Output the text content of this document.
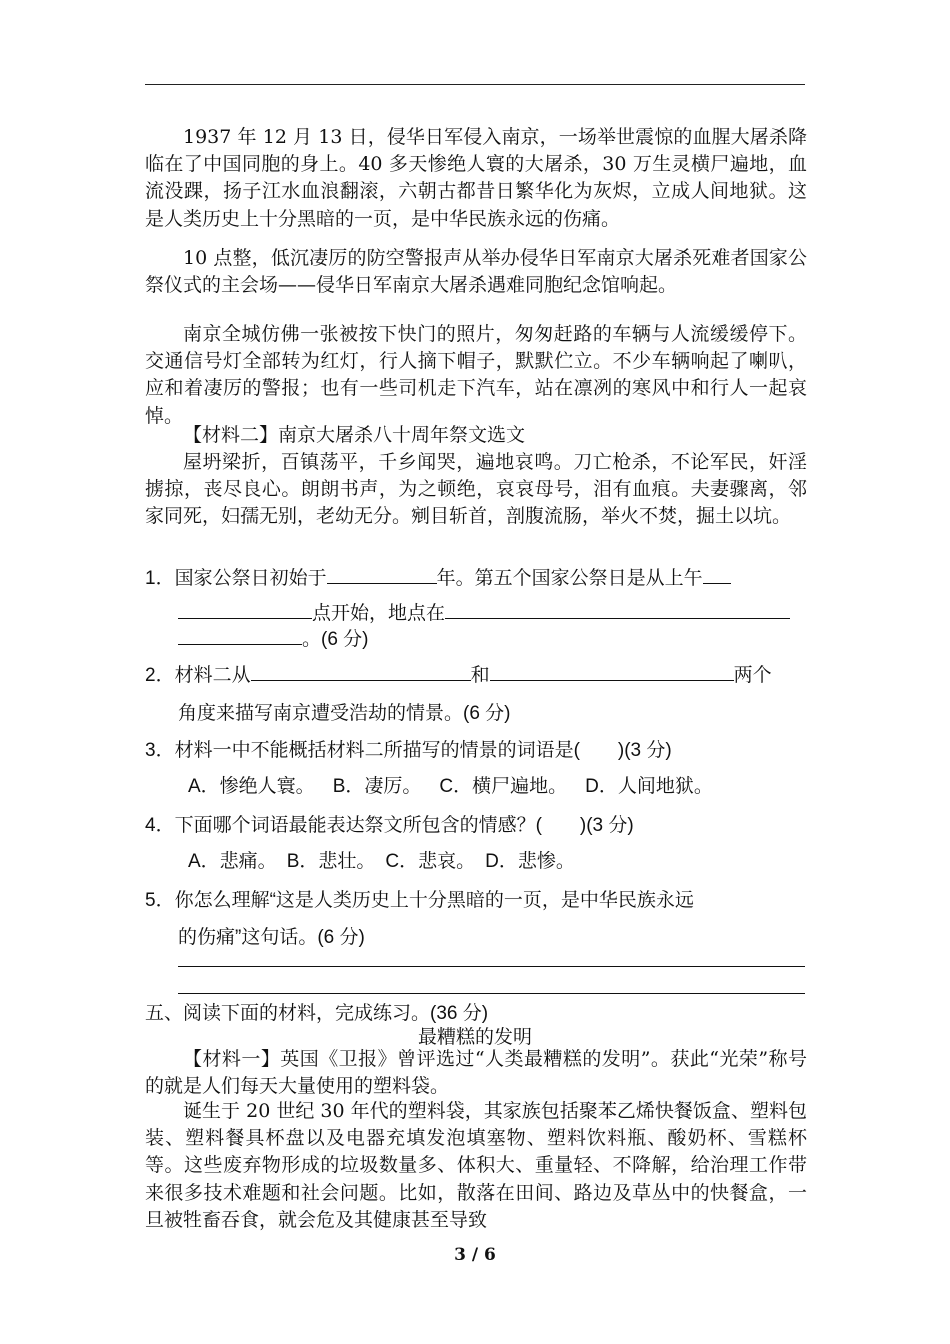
1937 年 12 月 13 日，侵华日军侵入南京，一场举世震惊的血腥大屠杀降临在了中国同胞的身上。40 多天惨绝人寰的大屠杀，30 万生灵横尸遍地，血流没踝，扬子江水血浪翻滚，六朝古都昔日繁华化为灰烬，立成人间地狱。这是人类历史上十分黑暗的一页，是中华民族永远的伤痛。
10 点整，低沉凄厉的防空警报声从举办侵华日军南京大屠杀死难者国家公祭仪式的主会场——侵华日军南京大屠杀遇难同胞纪念馆响起。
南京全城仿佛一张被按下快门的照片，匆匆赶路的车辆与人流缓缓停下。交通信号灯全部转为红灯，行人摘下帽子，默默伫立。不少车辆响起了喇叭，应和着凄厉的警报；也有一些司机走下汽车，站在凛冽的寒风中和行人一起哀悼。
【材料二】南京大屠杀八十周年祭文选文
屋坍梁折，百镇荡平，千乡闻哭，遍地哀鸣。刀亡枪杀，不论军民，奸淫掳掠，丧尽良心。朗朗书声，为之顿绝，哀哀母号，泪有血痕。夫妻骤离，邻家同死，妇孺无别，老幼无分。剜目斩首，剖腹流肠，举火不焚，掘土以坑。
1．国家公祭日初始于	年。第五个国家公祭日是从上午
点开始，地点在
。(6 分)
2．材料二从	和	两个
角度来描写南京遭受浩劫的情景。(6 分)
3．材料一中不能概括材料二所描写的情景的词语是(　　)(3 分)
A．惨绝人寰。 B．凄厉。 C．横尸遍地。 D．人间地狱。
4．下面哪个词语最能表达祭文所包含的情感？(　　)(3 分)
A．悲痛。 B．悲壮。 C．悲哀。 D．悲惨。
5．你怎么理解“这是人类历史上十分黑暗的一页，是中华民族永远
的伤痛”这句话。(6 分)
五、阅读下面的材料，完成练习。(36 分)
最糟糕的发明
【材料一】英国《卫报》曾评选过“人类最糟糕的发明”。获此“光荣”称号的就是人们每天大量使用的塑料袋。
诞生于 20 世纪 30 年代的塑料袋，其家族包括聚苯乙烯快餐饭盒、塑料包装、塑料餐具杯盘以及电器充填发泡填塞物、塑料饮料瓶、酸奶杯、雪糕杯等。这些废弃物形成的垃圾数量多、体积大、重量轻、不降解，给治理工作带来很多技术难题和社会问题。比如，散落在田间、路边及草丛中的快餐盒，一旦被牲畜吞食，就会危及其健康甚至导致
3 / 6
